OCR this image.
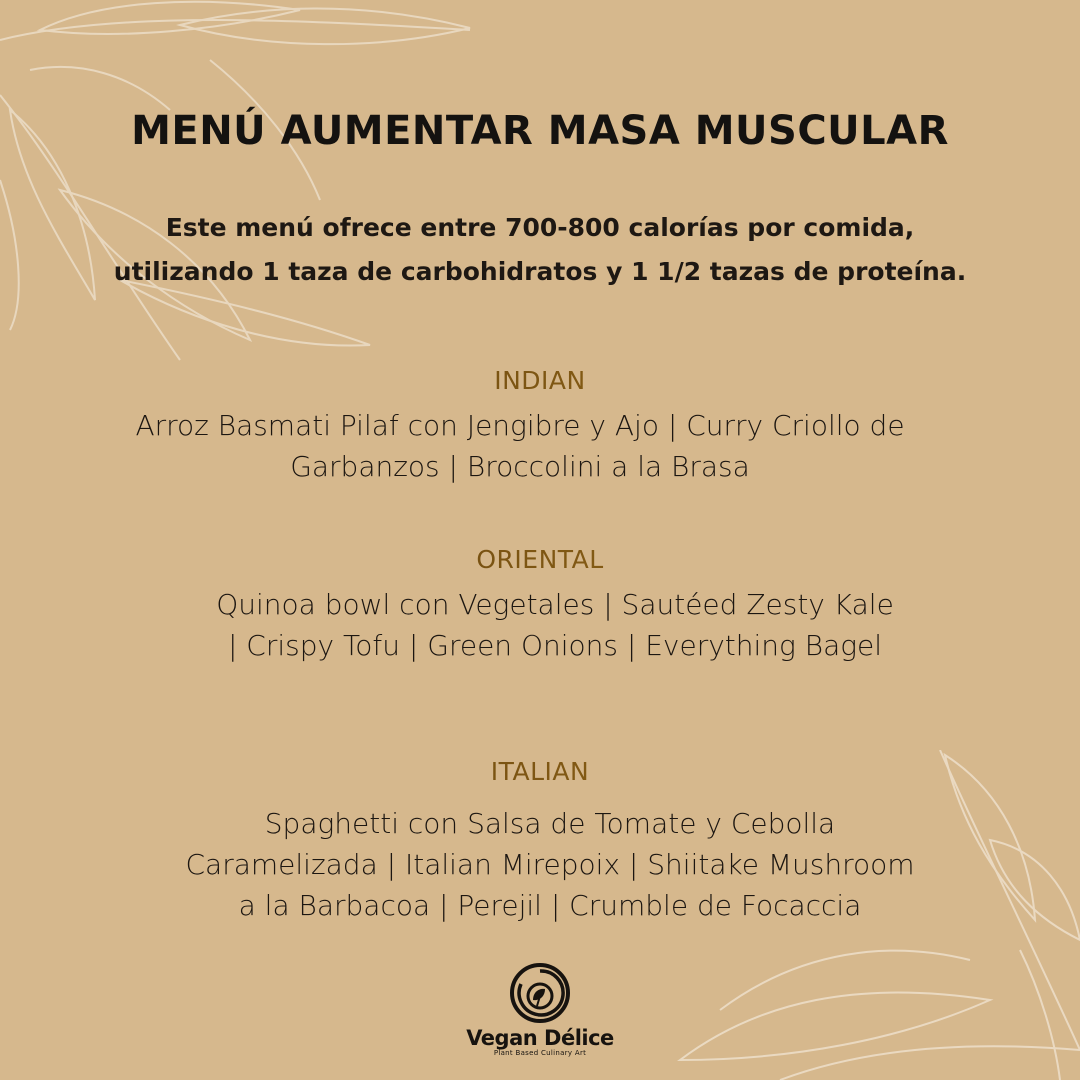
MENÚ AUMENTAR MASA MUSCULAR
Este menú ofrece entre 700-800 calorías por comida,
utilizando 1 taza de carbohidratos y 1 1/2 tazas de proteína.
INDIAN
Arroz Basmati Pilaf con Jengibre y Ajo | Curry Criollo de
Garbanzos | Broccolini a la Brasa
ORIENTAL
Quinoa bowl con Vegetales | Sautéed Zesty Kale
| Crispy Tofu | Green Onions | Everything Bagel
ITALIAN
Spaghetti con Salsa de Tomate y Cebolla
Caramelizada | Italian Mirepoix | Shiitake Mushroom
a la Barbacoa | Perejil | Crumble de Focaccia
Vegan Délice
Plant Based Culinary Art
